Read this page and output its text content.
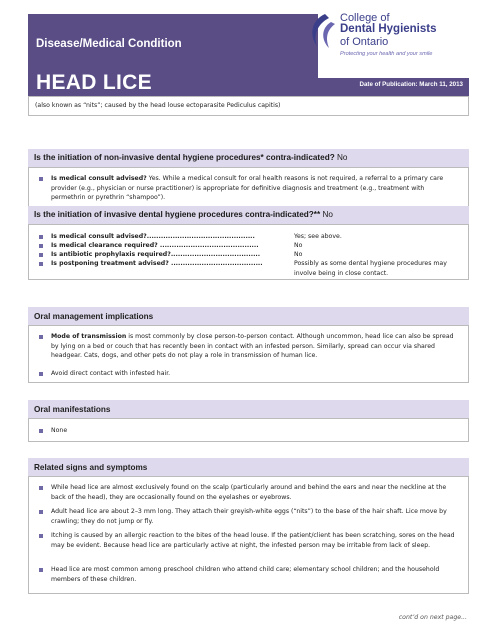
Disease/Medical Condition
HEAD LICE	Date of Publication: March 11, 2013
College of
Dental Hygienists
of Ontario
Protecting your health and your smile
(also known as “nits”; caused by the head louse ectoparasite Pediculus capitis)
Is the initiation of non-invasive dental hygiene procedures* contra-indicated? No
Is medical consult advised? Yes. While a medical consult for oral health reasons is not required, a referral to a primary care provider (e.g., physician or nurse practitioner) is appropriate for definitive diagnosis and treatment (e.g., treatment with permethrin or pyrethrin “shampoo”).
Is the initiation of invasive dental hygiene procedures contra-indicated?** No
Is medical consult advised?..............................................	Yes; see above.
Is medical clearance required? ..........................................	No
Is antibiotic prophylaxis required?......................................	No
Is postponing treatment advised? .......................................	Possibly as some dental hygiene procedures may involve being in close contact.
Oral management implications
Mode of transmission is most commonly by close person-to-person contact. Although uncommon, head lice can also be spread by lying on a bed or couch that has recently been in contact with an infested person. Similarly, spread can occur via shared headgear. Cats, dogs, and other pets do not play a role in transmission of human lice.
Avoid direct contact with infested hair.
Oral manifestations
None
Related signs and symptoms
While head lice are almost exclusively found on the scalp (particularly around and behind the ears and near the neckline at the back of the head), they are occasionally found on the eyelashes or eyebrows.
Adult head lice are about 2–3 mm long. They attach their greyish-white eggs (“nits”) to the base of the hair shaft. Lice move by crawling; they do not jump or fly.
Itching is caused by an allergic reaction to the bites of the head louse. If the patient/client has been scratching, sores on the head may be evident. Because head lice are particularly active at night, the infested person may be irritable from lack of sleep.
Head lice are most common among preschool children who attend child care; elementary school children; and the household members of these children.
cont’d on next page...
